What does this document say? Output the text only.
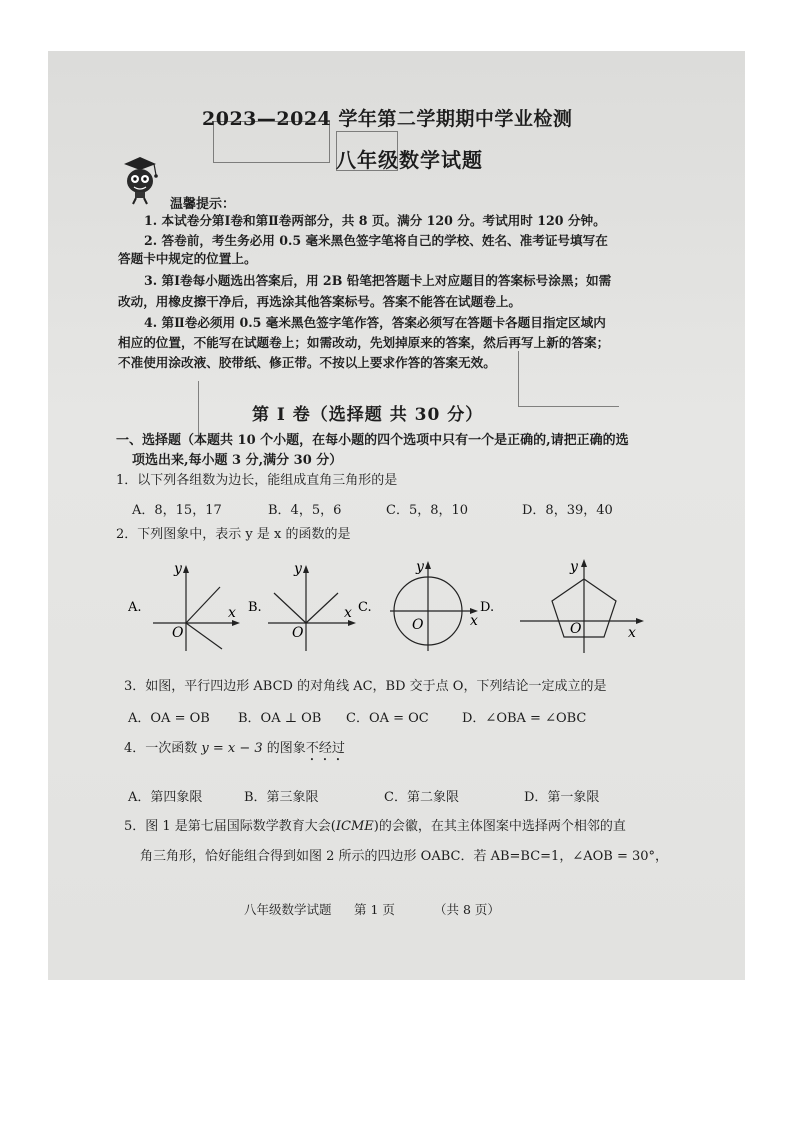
2023—2024 学年第二学期期中学业检测
八年级数学试题
温馨提示：
1. 本试卷分第Ⅰ卷和第Ⅱ卷两部分，共 8 页。满分 120 分。考试用时 120 分钟。
2. 答卷前，考生务必用 0.5 毫米黑色签字笔将自己的学校、姓名、准考证号填写在
答题卡中规定的位置上。
3. 第Ⅰ卷每小题选出答案后，用 2B 铅笔把答题卡上对应题目的答案标号涂黑；如需
改动，用橡皮擦干净后，再选涂其他答案标号。答案不能答在试题卷上。
4. 第Ⅱ卷必须用 0.5 毫米黑色签字笔作答，答案必须写在答题卡各题目指定区域内
相应的位置，不能写在试题卷上；如需改动，先划掉原来的答案，然后再写上新的答案；
不准使用涂改液、胶带纸、修正带。不按以上要求作答的答案无效。
第 Ⅰ 卷（选择题 共 30 分）
一、选择题（本题共 10 个小题，在每小题的四个选项中只有一个是正确的,请把正确的选
项选出来,每小题 3 分,满分 30 分）
1．以下列各组数为边长，能组成直角三角形的是
A．8，15，17	B．4，5，6	C．5，8，10	D．8，39，40
2．下列图象中，表示 y 是 x 的函数的是
A.
y
x
O
B.
y
x
O
C.
y
x
O
D.
y
x
O
3．如图，平行四边形 ABCD 的对角线 AC，BD 交于点 O，下列结论一定成立的是
A．OA = OB B．OA ⊥ OB C．OA = OC	D．∠OBA = ∠OBC
4．一次函数 y = x − 3 的图象不经过
A．第四象限	B．第三象限	C．第二象限	D．第一象限
5．图 1 是第七届国际数学教育大会(ICME)的会徽，在其主体图案中选择两个相邻的直
角三角形，恰好能组合得到如图 2 所示的四边形 OABC．若 AB=BC=1，∠AOB = 30°，
八年级数学试题 第 1 页	（共 8 页）
